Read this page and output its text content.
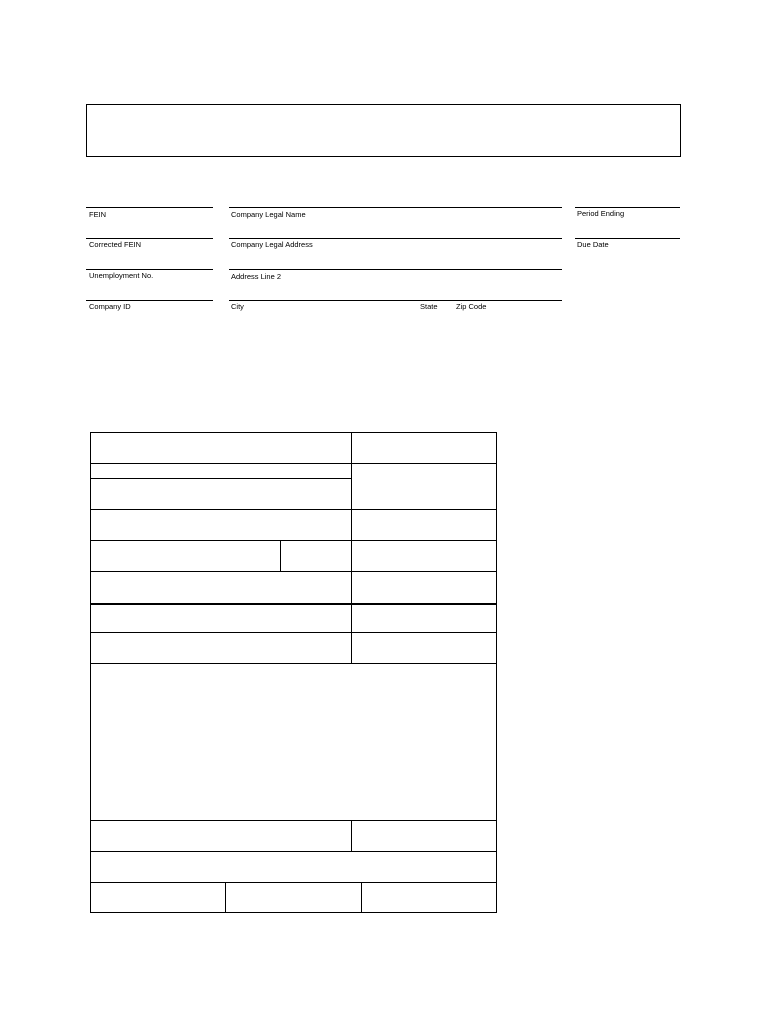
FEIN
Corrected FEIN
Unemployment No.
Company ID
Company Legal Name
Company Legal Address
Address Line 2
City	State Zip Code
Period Ending
Due Date
